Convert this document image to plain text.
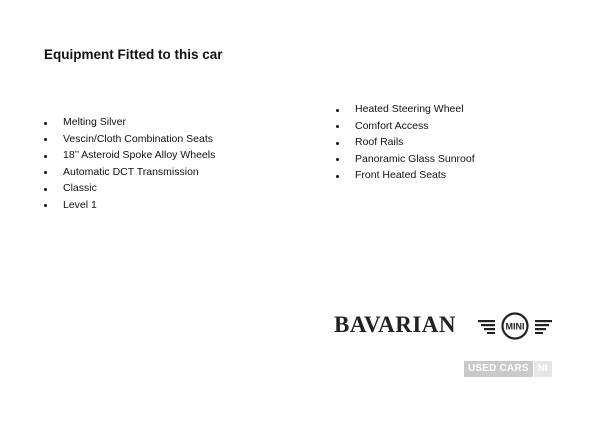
Equipment Fitted to this car
Melting Silver
Vescin/Cloth Combination Seats
18’’ Asteroid Spoke Alloy Wheels
Automatic DCT Transmission
Classic
Level 1
Heated Steering Wheel
Comfort Access
Roof Rails
Panoramic Glass Sunroof
Front Heated Seats
BAVARIAN	MINI
USED CARS NI
